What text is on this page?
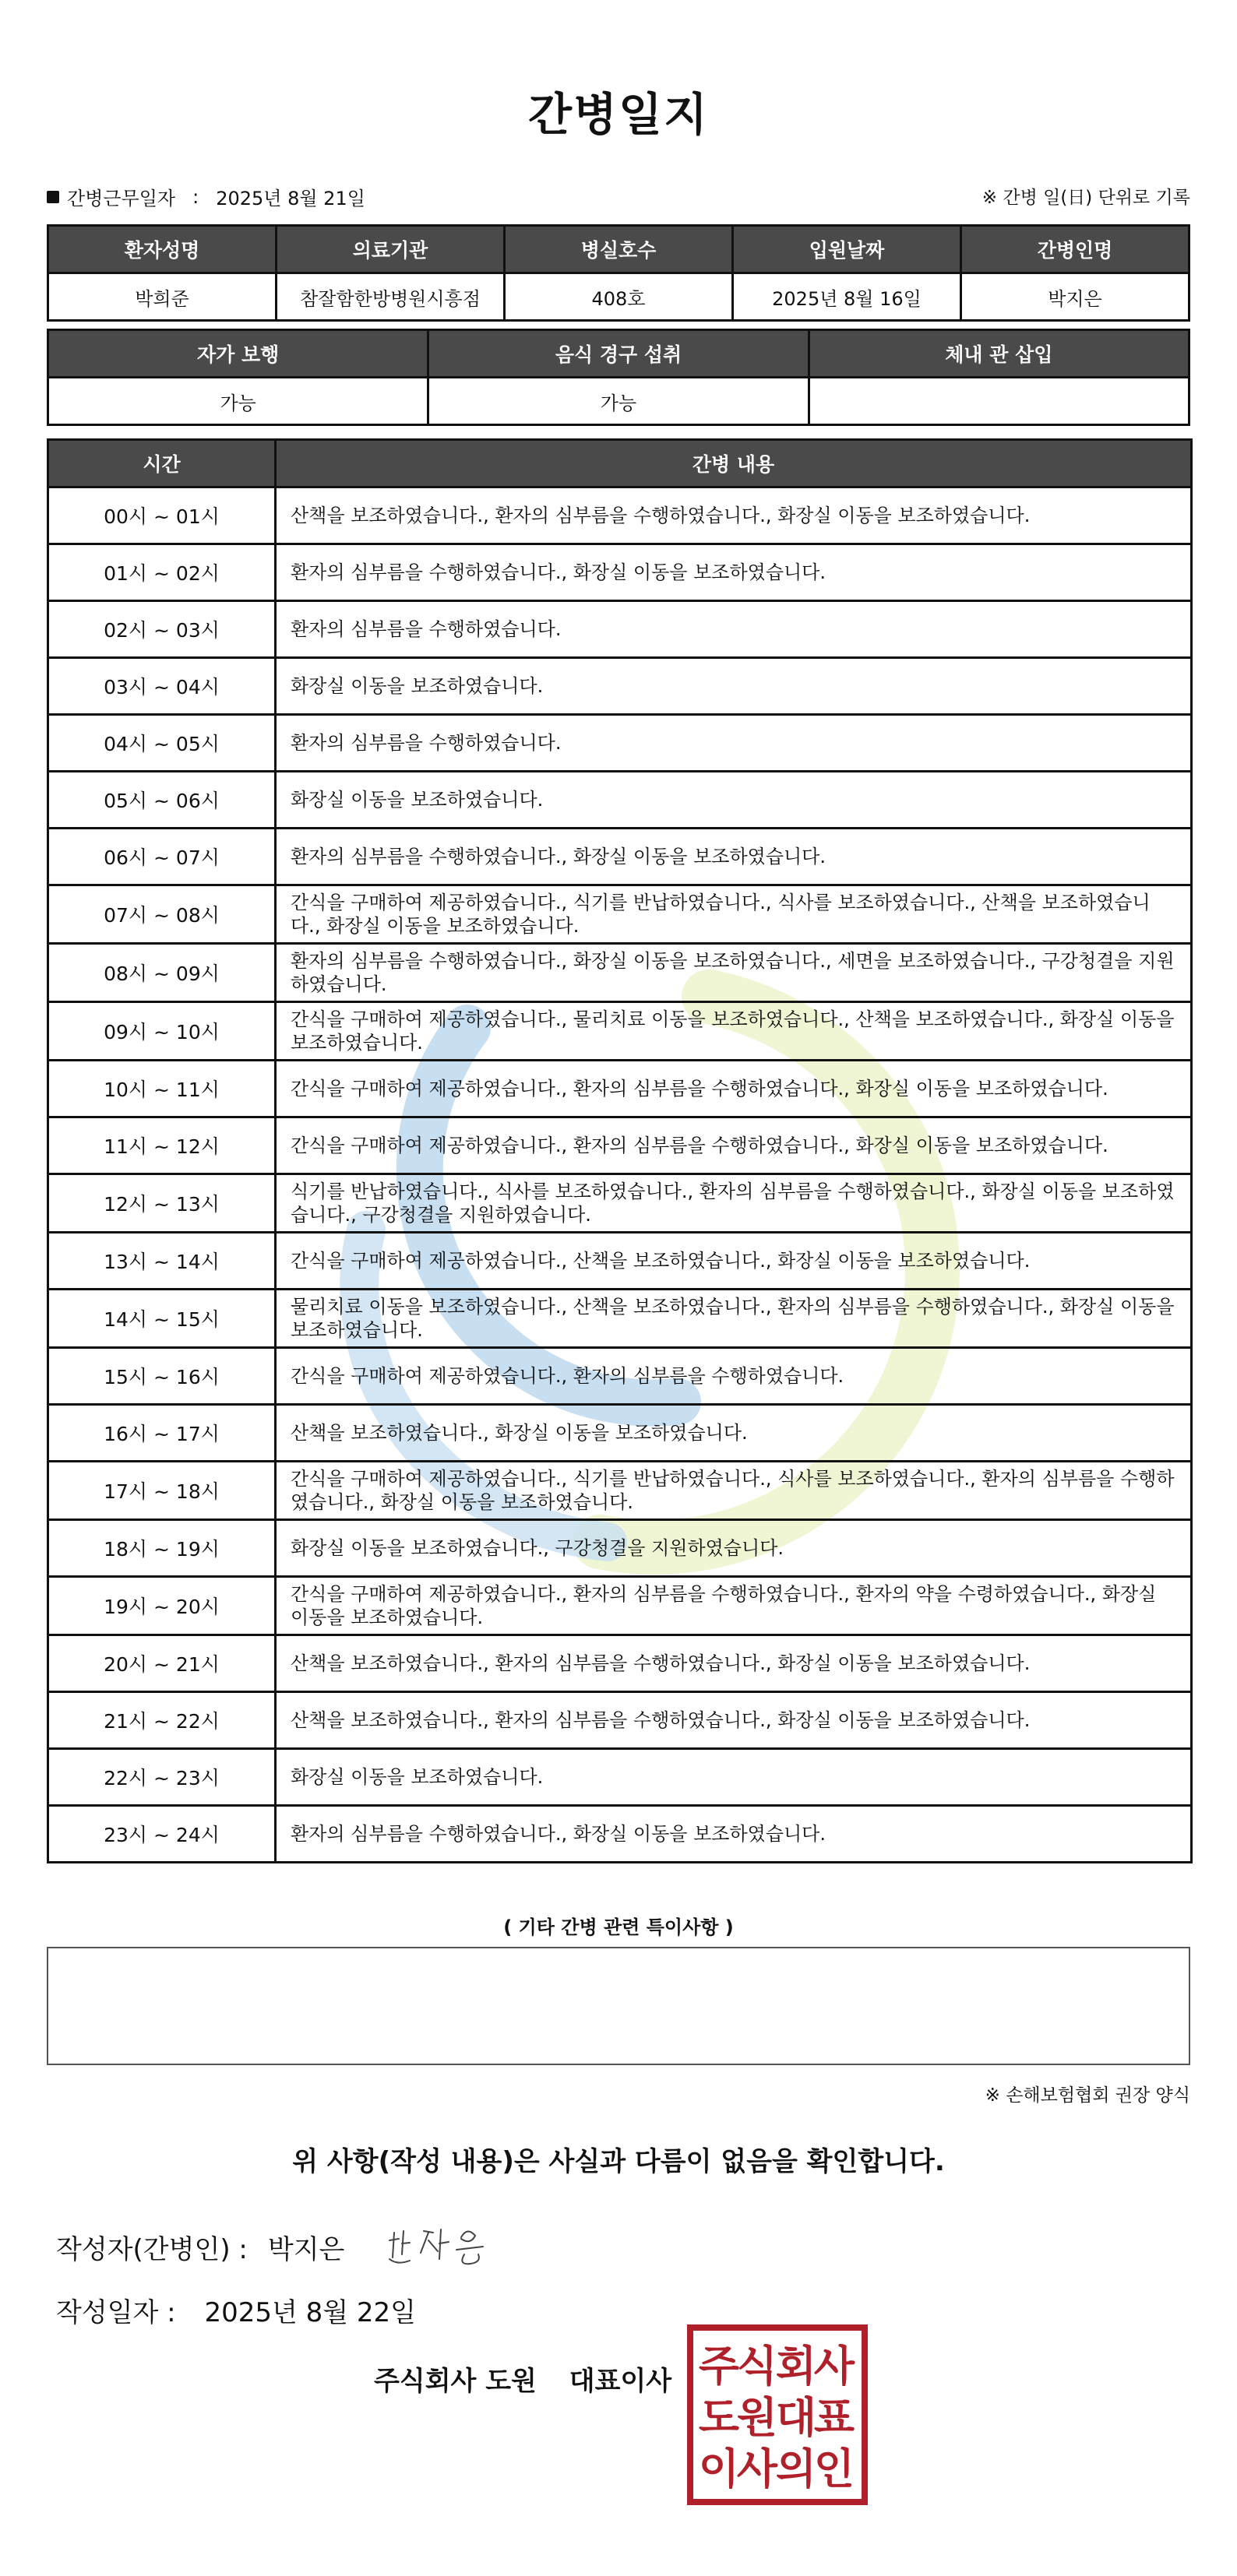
간병일지
간병근무일자 : 2025년 8월 21일	※ 간병 일(日) 단위로 기록
환자성명	의료기관	병실호수	입원날짜	간병인명
박희준	참잘함한방병원시흥점	408호	2025년 8월 16일	박지은
자가 보행	음식 경구 섭취	체내 관 삽입
가능	가능	
시간	간병 내용
00시 ~ 01시	산책을 보조하였습니다., 환자의 심부름을 수행하였습니다., 화장실 이동을 보조하였습니다.
01시 ~ 02시	환자의 심부름을 수행하였습니다., 화장실 이동을 보조하였습니다.
02시 ~ 03시	환자의 심부름을 수행하였습니다.
03시 ~ 04시	화장실 이동을 보조하였습니다.
04시 ~ 05시	환자의 심부름을 수행하였습니다.
05시 ~ 06시	화장실 이동을 보조하였습니다.
06시 ~ 07시	환자의 심부름을 수행하였습니다., 화장실 이동을 보조하였습니다.
07시 ~ 08시	간식을 구매하여 제공하였습니다., 식기를 반납하였습니다., 식사를 보조하였습니다., 산책을 보조하였습니다., 화장실 이동을 보조하였습니다.
08시 ~ 09시	환자의 심부름을 수행하였습니다., 화장실 이동을 보조하였습니다., 세면을 보조하였습니다., 구강청결을 지원하였습니다.
09시 ~ 10시	간식을 구매하여 제공하였습니다., 물리치료 이동을 보조하였습니다., 산책을 보조하였습니다., 화장실 이동을 보조하였습니다.
10시 ~ 11시	간식을 구매하여 제공하였습니다., 환자의 심부름을 수행하였습니다., 화장실 이동을 보조하였습니다.
11시 ~ 12시	간식을 구매하여 제공하였습니다., 환자의 심부름을 수행하였습니다., 화장실 이동을 보조하였습니다.
12시 ~ 13시	식기를 반납하였습니다., 식사를 보조하였습니다., 환자의 심부름을 수행하였습니다., 화장실 이동을 보조하였습니다., 구강청결을 지원하였습니다.
13시 ~ 14시	간식을 구매하여 제공하였습니다., 산책을 보조하였습니다., 화장실 이동을 보조하였습니다.
14시 ~ 15시	물리치료 이동을 보조하였습니다., 산책을 보조하였습니다., 환자의 심부름을 수행하였습니다., 화장실 이동을 보조하였습니다.
15시 ~ 16시	간식을 구매하여 제공하였습니다., 환자의 심부름을 수행하였습니다.
16시 ~ 17시	산책을 보조하였습니다., 화장실 이동을 보조하였습니다.
17시 ~ 18시	간식을 구매하여 제공하였습니다., 식기를 반납하였습니다., 식사를 보조하였습니다., 환자의 심부름을 수행하였습니다., 화장실 이동을 보조하였습니다.
18시 ~ 19시	화장실 이동을 보조하였습니다., 구강청결을 지원하였습니다.
19시 ~ 20시	간식을 구매하여 제공하였습니다., 환자의 심부름을 수행하였습니다., 환자의 약을 수령하였습니다., 화장실 이동을 보조하였습니다.
20시 ~ 21시	산책을 보조하였습니다., 환자의 심부름을 수행하였습니다., 화장실 이동을 보조하였습니다.
21시 ~ 22시	산책을 보조하였습니다., 환자의 심부름을 수행하였습니다., 화장실 이동을 보조하였습니다.
22시 ~ 23시	화장실 이동을 보조하였습니다.
23시 ~ 24시	환자의 심부름을 수행하였습니다., 화장실 이동을 보조하였습니다.
( 기타 간병 관련 특이사항 )
※ 손해보험협회 권장 양식
위 사항(작성 내용)은 사실과 다름이 없음을 확인합니다.
작성자(간병인) : 박지은
작성일자 : 2025년 8월 22일
주식회사 도원 대표이사 주
식
회
사
도
원
대
표
이
사
의
인
